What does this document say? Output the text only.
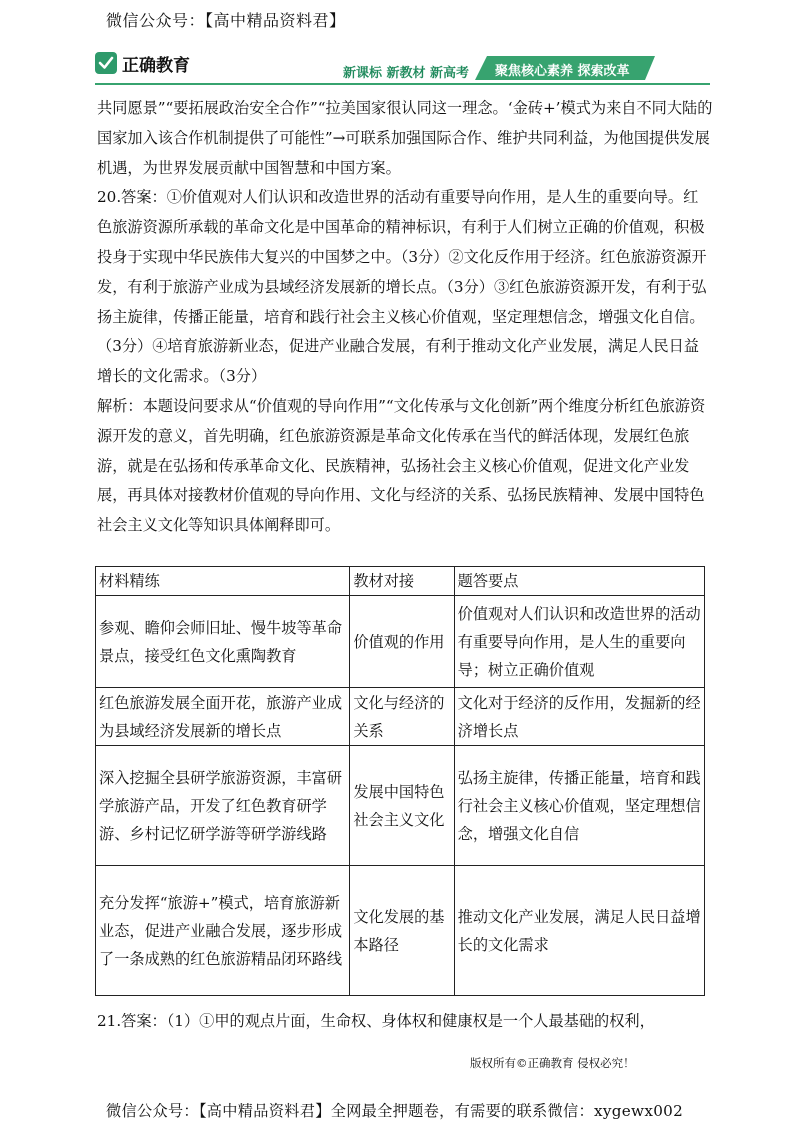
微信公众号：【高中精品资料君】
正确教育	新课标 新教材 新高考 聚焦核心素养 探索改革

共同愿景”“要拓展政治安全合作”“拉美国家很认同这一理念。‘金砖+’模式为来自不同大陆的国家加入该合作机制提供了可能性”→可联系加强国际合作、维护共同利益，为他国提供发展机遇，为世界发展贡献中国智慧和中国方案。

20.答案：①价值观对人们认识和改造世界的活动有重要导向作用，是人生的重要向导。红色旅游资源所承载的革命文化是中国革命的精神标识，有利于人们树立正确的价值观，积极投身于实现中华民族伟大复兴的中国梦之中。（3分）②文化反作用于经济。红色旅游资源开发，有利于旅游产业成为县域经济发展新的增长点。（3分）③红色旅游资源开发，有利于弘扬主旋律，传播正能量，培育和践行社会主义核心价值观，坚定理想信念，增强文化自信。（3分）④培育旅游新业态，促进产业融合发展，有利于推动文化产业发展，满足人民日益增长的文化需求。（3分）

解析：本题设问要求从“价值观的导向作用”“文化传承与文化创新”两个维度分析红色旅游资源开发的意义，首先明确，红色旅游资源是革命文化传承在当代的鲜活体现，发展红色旅游，就是在弘扬和传承革命文化、民族精神，弘扬社会主义核心价值观，促进文化产业发展，再具体对接教材价值观的导向作用、文化与经济的关系、弘扬民族精神、发展中国特色社会主义文化等知识具体阐释即可。

材料精练	教材对接	题答要点
参观、瞻仰会师旧址、慢牛坡等革命景点，接受红色文化熏陶教育	价值观的作用	价值观对人们认识和改造世界的活动有重要导向作用，是人生的重要向导；树立正确价值观
红色旅游发展全面开花，旅游产业成为县域经济发展新的增长点	文化与经济的关系	文化对于经济的反作用，发掘新的经济增长点
深入挖掘全县研学旅游资源，丰富研学旅游产品，开发了红色教育研学游、乡村记忆研学游等研学游线路	发展中国特色社会主义文化	弘扬主旋律，传播正能量，培育和践行社会主义核心价值观，坚定理想信念，增强文化自信
充分发挥“旅游+”模式，培育旅游新业态，促进产业融合发展，逐步形成了一条成熟的红色旅游精品闭环路线	文化发展的基本路径	推动文化产业发展，满足人民日益增长的文化需求
21.答案：（1）①甲的观点片面，生命权、身体权和健康权是一个人最基础的权利，
版权所有©正确教育 侵权必究！
微信公众号：【高中精品资料君】全网最全押题卷，有需要的联系微信：xygewx002
